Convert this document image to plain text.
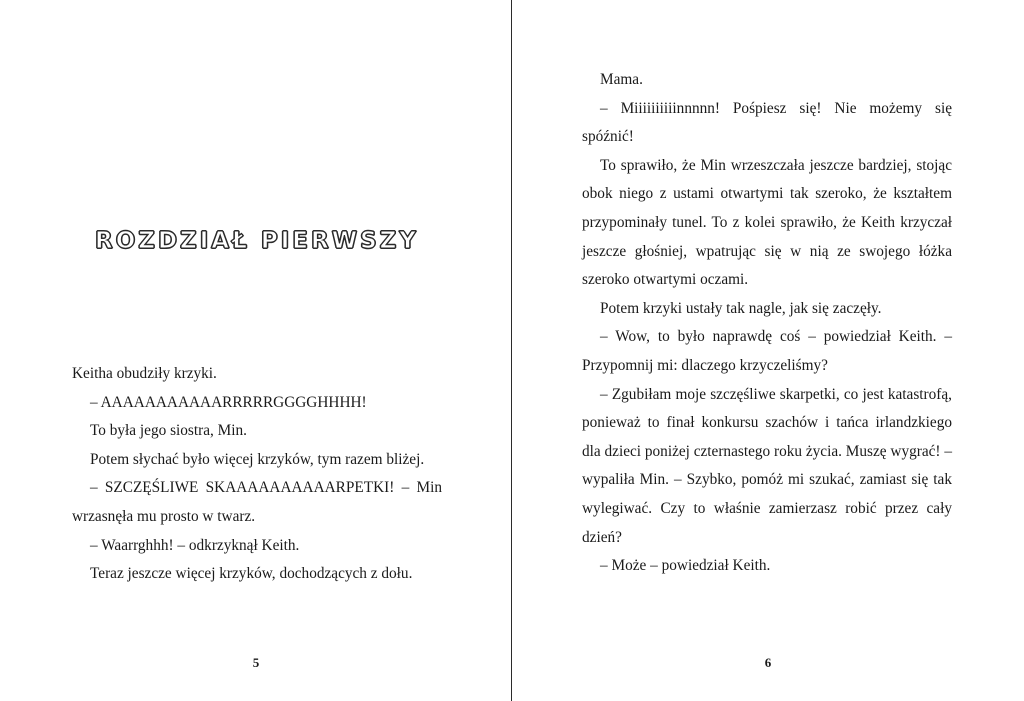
ROZDZIAŁ PIERWSZY

Keitha obudziły krzyki.

– AAAAAAAAAAARRRRRGGGGHHHH!

To była jego siostra, Min.

Potem słychać było więcej krzyków, tym razem bliżej.

– SZCZĘŚLIWE SKAAAAAAAAAARPETKI! – Min wrzasnęła mu prosto w twarz.

– Waarrghhh! – odkrzyknął Keith.

Teraz jeszcze więcej krzyków, dochodzących z dołu.

5

Mama.

– Miiiiiiiiiinnnnn! Pośpiesz się! Nie możemy się spóźnić!

To sprawiło, że Min wrzeszczała jeszcze bardziej, stojąc obok niego z ustami otwartymi tak szeroko, że kształtem przypominały tunel. To z kolei sprawiło, że Keith krzyczał jeszcze głośniej, wpatrując się w nią ze swojego łóżka szeroko otwartymi oczami.

Potem krzyki ustały tak nagle, jak się zaczęły.

– Wow, to było naprawdę coś – powiedział Keith. – Przypomnij mi: dlaczego krzyczeliśmy?

– Zgubiłam moje szczęśliwe skarpetki, co jest katastrofą, ponieważ to finał konkursu szachów i tańca irlandzkiego dla dzieci poniżej czternastego roku życia. Muszę wygrać! – wypaliła Min. – Szybko, pomóż mi szukać, zamiast się tak wylegiwać. Czy to właśnie zamierzasz robić przez cały dzień?

– Może – powiedział Keith.

6
